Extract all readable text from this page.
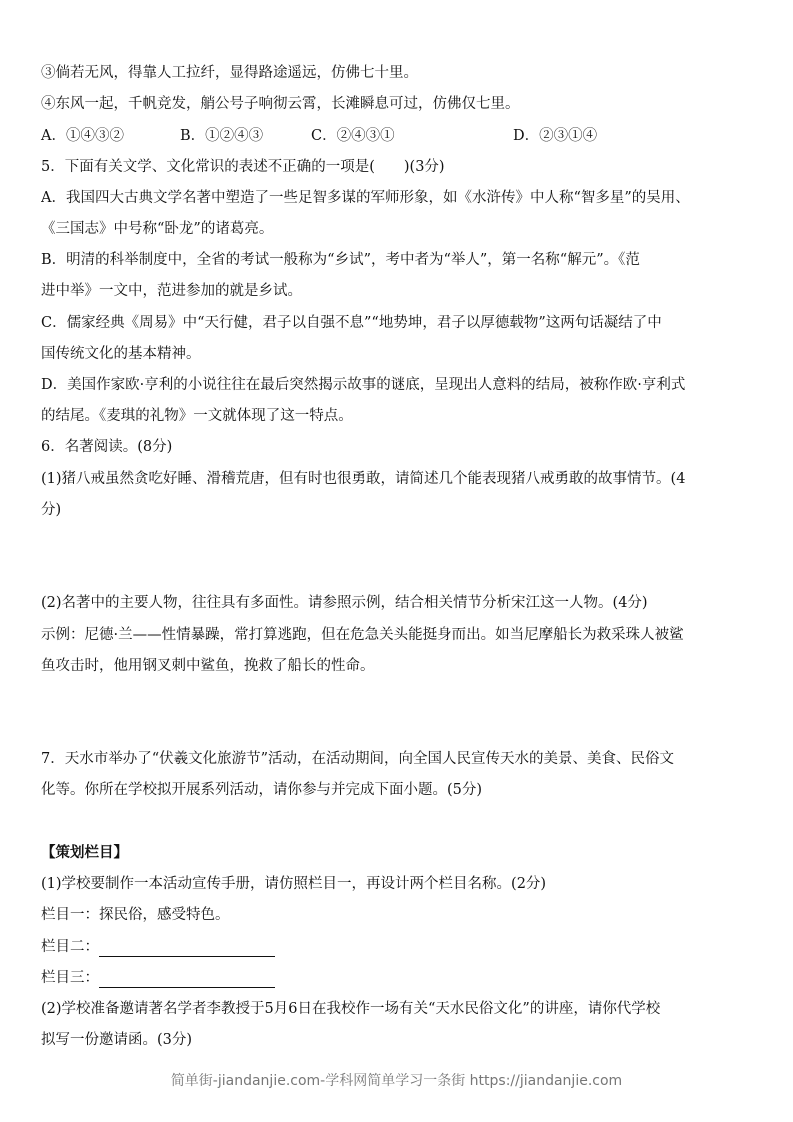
③倘若无风，得靠人工拉纤，显得路途遥远，仿佛七十里。
④东风一起，千帆竞发，艄公号子响彻云霄，长滩瞬息可过，仿佛仅七里。
A．①④③②	B．①②④③	C．②④③①	D．②③①④
5．下面有关文学、文化常识的表述不正确的一项是(　　)(3分)
A．我国四大古典文学名著中塑造了一些足智多谋的军师形象，如《水浒传》中人称“智多星”的吴用、
《三国志》中号称“卧龙”的诸葛亮。
B．明清的科举制度中，全省的考试一般称为“乡试”，考中者为“举人”，第一名称“解元”。《范
进中举》一文中，范进参加的就是乡试。
C．儒家经典《周易》中“天行健，君子以自强不息”“地势坤，君子以厚德载物”这两句话凝结了中
国传统文化的基本精神。
D．美国作家欧·亨利的小说往往在最后突然揭示故事的谜底，呈现出人意料的结局，被称作欧·亨利式
的结尾。《麦琪的礼物》一文就体现了这一特点。
6．名著阅读。(8分)
(1)猪八戒虽然贪吃好睡、滑稽荒唐，但有时也很勇敢，请简述几个能表现猪八戒勇敢的故事情节。(4
分)
(2)名著中的主要人物，往往具有多面性。请参照示例，结合相关情节分析宋江这一人物。(4分)
示例：尼德·兰——性情暴躁，常打算逃跑，但在危急关头能挺身而出。如当尼摩船长为救采珠人被鲨
鱼攻击时，他用钢叉刺中鲨鱼，挽救了船长的性命。
7．天水市举办了“伏羲文化旅游节”活动，在活动期间，向全国人民宣传天水的美景、美食、民俗文
化等。你所在学校拟开展系列活动，请你参与并完成下面小题。(5分)
【策划栏目】
(1)学校要制作一本活动宣传手册，请仿照栏目一，再设计两个栏目名称。(2分)
栏目一：探民俗，感受特色。
栏目二：
栏目三：
(2)学校准备邀请著名学者李教授于5月6日在我校作一场有关“天水民俗文化”的讲座，请你代学校
拟写一份邀请函。(3分)
简单街-jiandanjie.com-学科网简单学习一条街 https://jiandanjie.com
